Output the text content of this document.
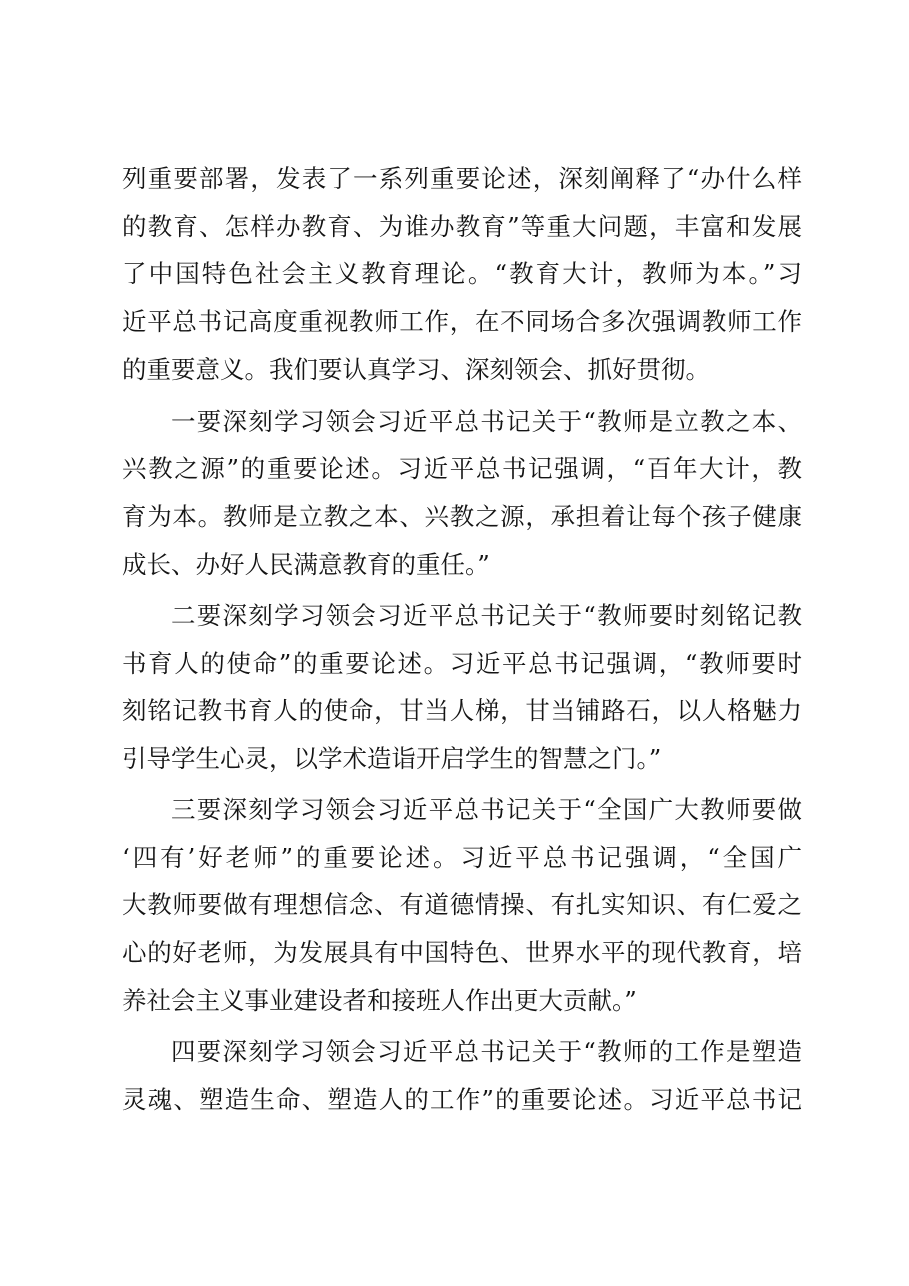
列重要部署，发表了一系列重要论述，深刻阐释了“办什么样
的教育、怎样办教育、为谁办教育”等重大问题，丰富和发展
了中国特色社会主义教育理论。“教育大计，教师为本。”习
近平总书记高度重视教师工作，在不同场合多次强调教师工作
的重要意义。我们要认真学习、深刻领会、抓好贯彻。
一要深刻学习领会习近平总书记关于“教师是立教之本、
兴教之源”的重要论述。习近平总书记强调，“百年大计，教
育为本。教师是立教之本、兴教之源，承担着让每个孩子健康
成长、办好人民满意教育的重任。”
二要深刻学习领会习近平总书记关于“教师要时刻铭记教
书育人的使命”的重要论述。习近平总书记强调，“教师要时
刻铭记教书育人的使命，甘当人梯，甘当铺路石，以人格魅力
引导学生心灵，以学术造诣开启学生的智慧之门。”
三要深刻学习领会习近平总书记关于“全国广大教师要做
‘四有’好老师”的重要论述。习近平总书记强调，“全国广
大教师要做有理想信念、有道德情操、有扎实知识、有仁爱之
心的好老师，为发展具有中国特色、世界水平的现代教育，培
养社会主义事业建设者和接班人作出更大贡献。”
四要深刻学习领会习近平总书记关于“教师的工作是塑造
灵魂、塑造生命、塑造人的工作”的重要论述。习近平总书记
